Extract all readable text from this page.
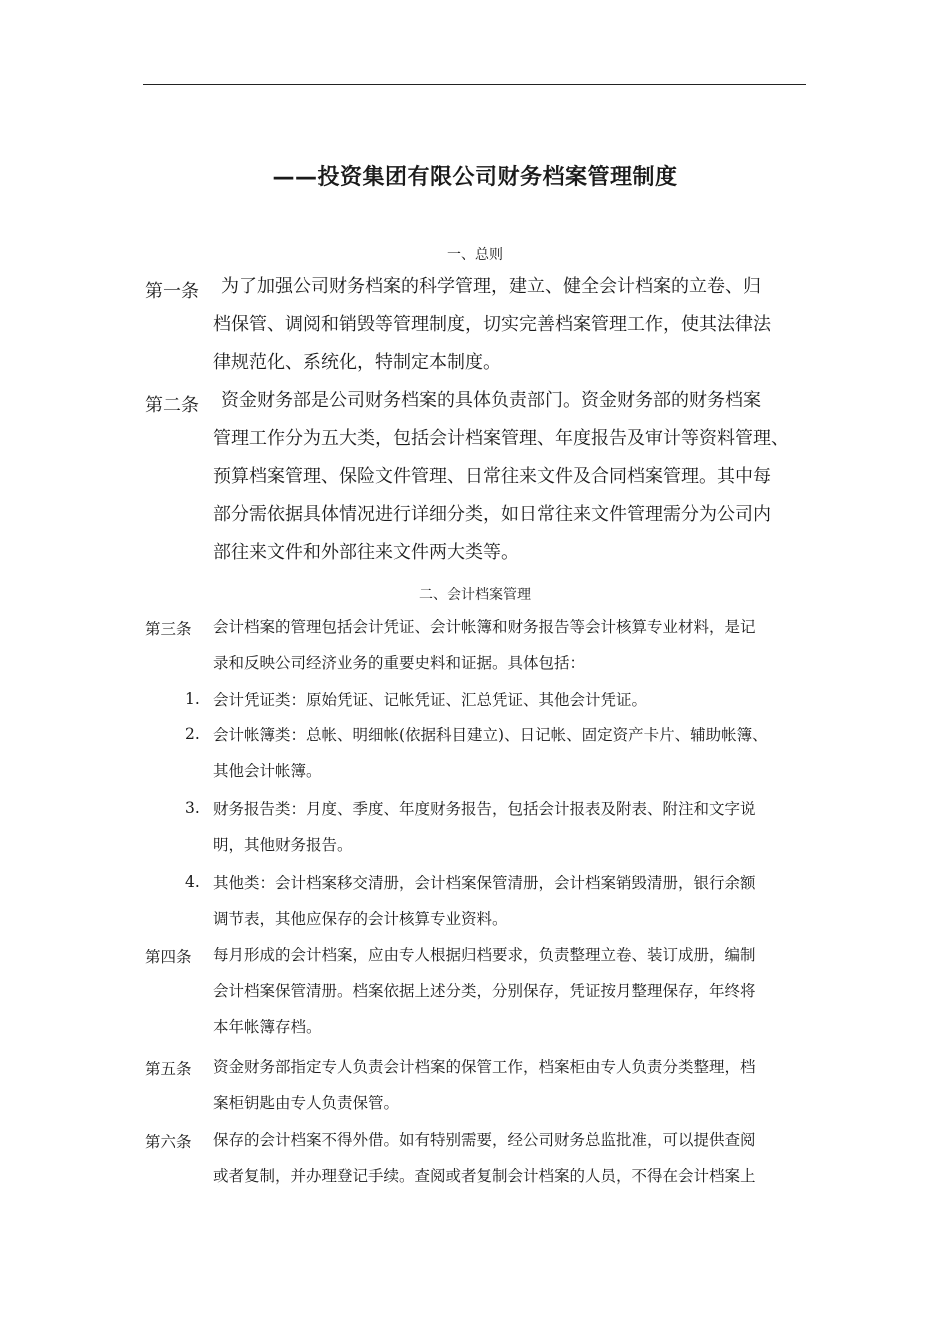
——投资集团有限公司财务档案管理制度
一、总则
第一条 为了加强公司财务档案的科学管理，建立、健全会计档案的立卷、归
档保管、调阅和销毁等管理制度，切实完善档案管理工作，使其法律法
律规范化、系统化，特制定本制度。
第二条 资金财务部是公司财务档案的具体负责部门。资金财务部的财务档案
管理工作分为五大类，包括会计档案管理、年度报告及审计等资料管理、
预算档案管理、保险文件管理、日常往来文件及合同档案管理。其中每
部分需依据具体情况进行详细分类，如日常往来文件管理需分为公司内
部往来文件和外部往来文件两大类等。
二、会计档案管理
第三条 会计档案的管理包括会计凭证、会计帐簿和财务报告等会计核算专业材料，是记
录和反映公司经济业务的重要史料和证据。具体包括：
1. 会计凭证类：原始凭证、记帐凭证、汇总凭证、其他会计凭证。
2. 会计帐簿类：总帐、明细帐(依据科目建立)、日记帐、固定资产卡片、辅助帐簿、
其他会计帐簿。
3. 财务报告类：月度、季度、年度财务报告，包括会计报表及附表、附注和文字说
明，其他财务报告。
4. 其他类：会计档案移交清册，会计档案保管清册，会计档案销毁清册，银行余额
调节表，其他应保存的会计核算专业资料。
第四条 每月形成的会计档案，应由专人根据归档要求，负责整理立卷、装订成册，编制
会计档案保管清册。档案依据上述分类，分别保存，凭证按月整理保存，年终将
本年帐簿存档。
第五条 资金财务部指定专人负责会计档案的保管工作，档案柜由专人负责分类整理，档
案柜钥匙由专人负责保管。
第六条 保存的会计档案不得外借。如有特别需要，经公司财务总监批准，可以提供查阅
或者复制，并办理登记手续。查阅或者复制会计档案的人员，不得在会计档案上
